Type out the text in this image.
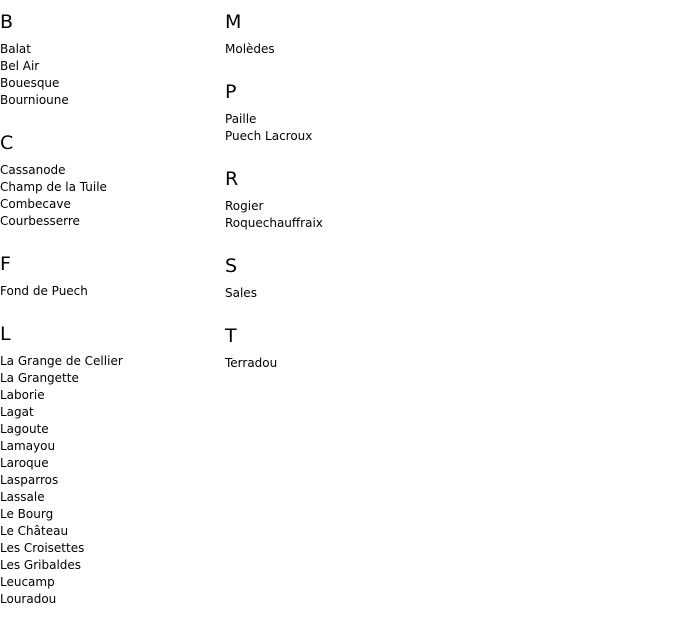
B
Balat
Bel Air
Bouesque
Bournioune
C
Cassanode
Champ de la Tuile
Combecave
Courbesserre
F
Fond de Puech
L
La Grange de Cellier
La Grangette
Laborie
Lagat
Lagoute
Lamayou
Laroque
Lasparros
Lassale
Le Bourg
Le Château
Les Croisettes
Les Gribaldes
Leucamp
Louradou
M
Molèdes
P
Paille
Puech Lacroux
R
Rogier
Roquechauffraix
S
Sales
T
Terradou
